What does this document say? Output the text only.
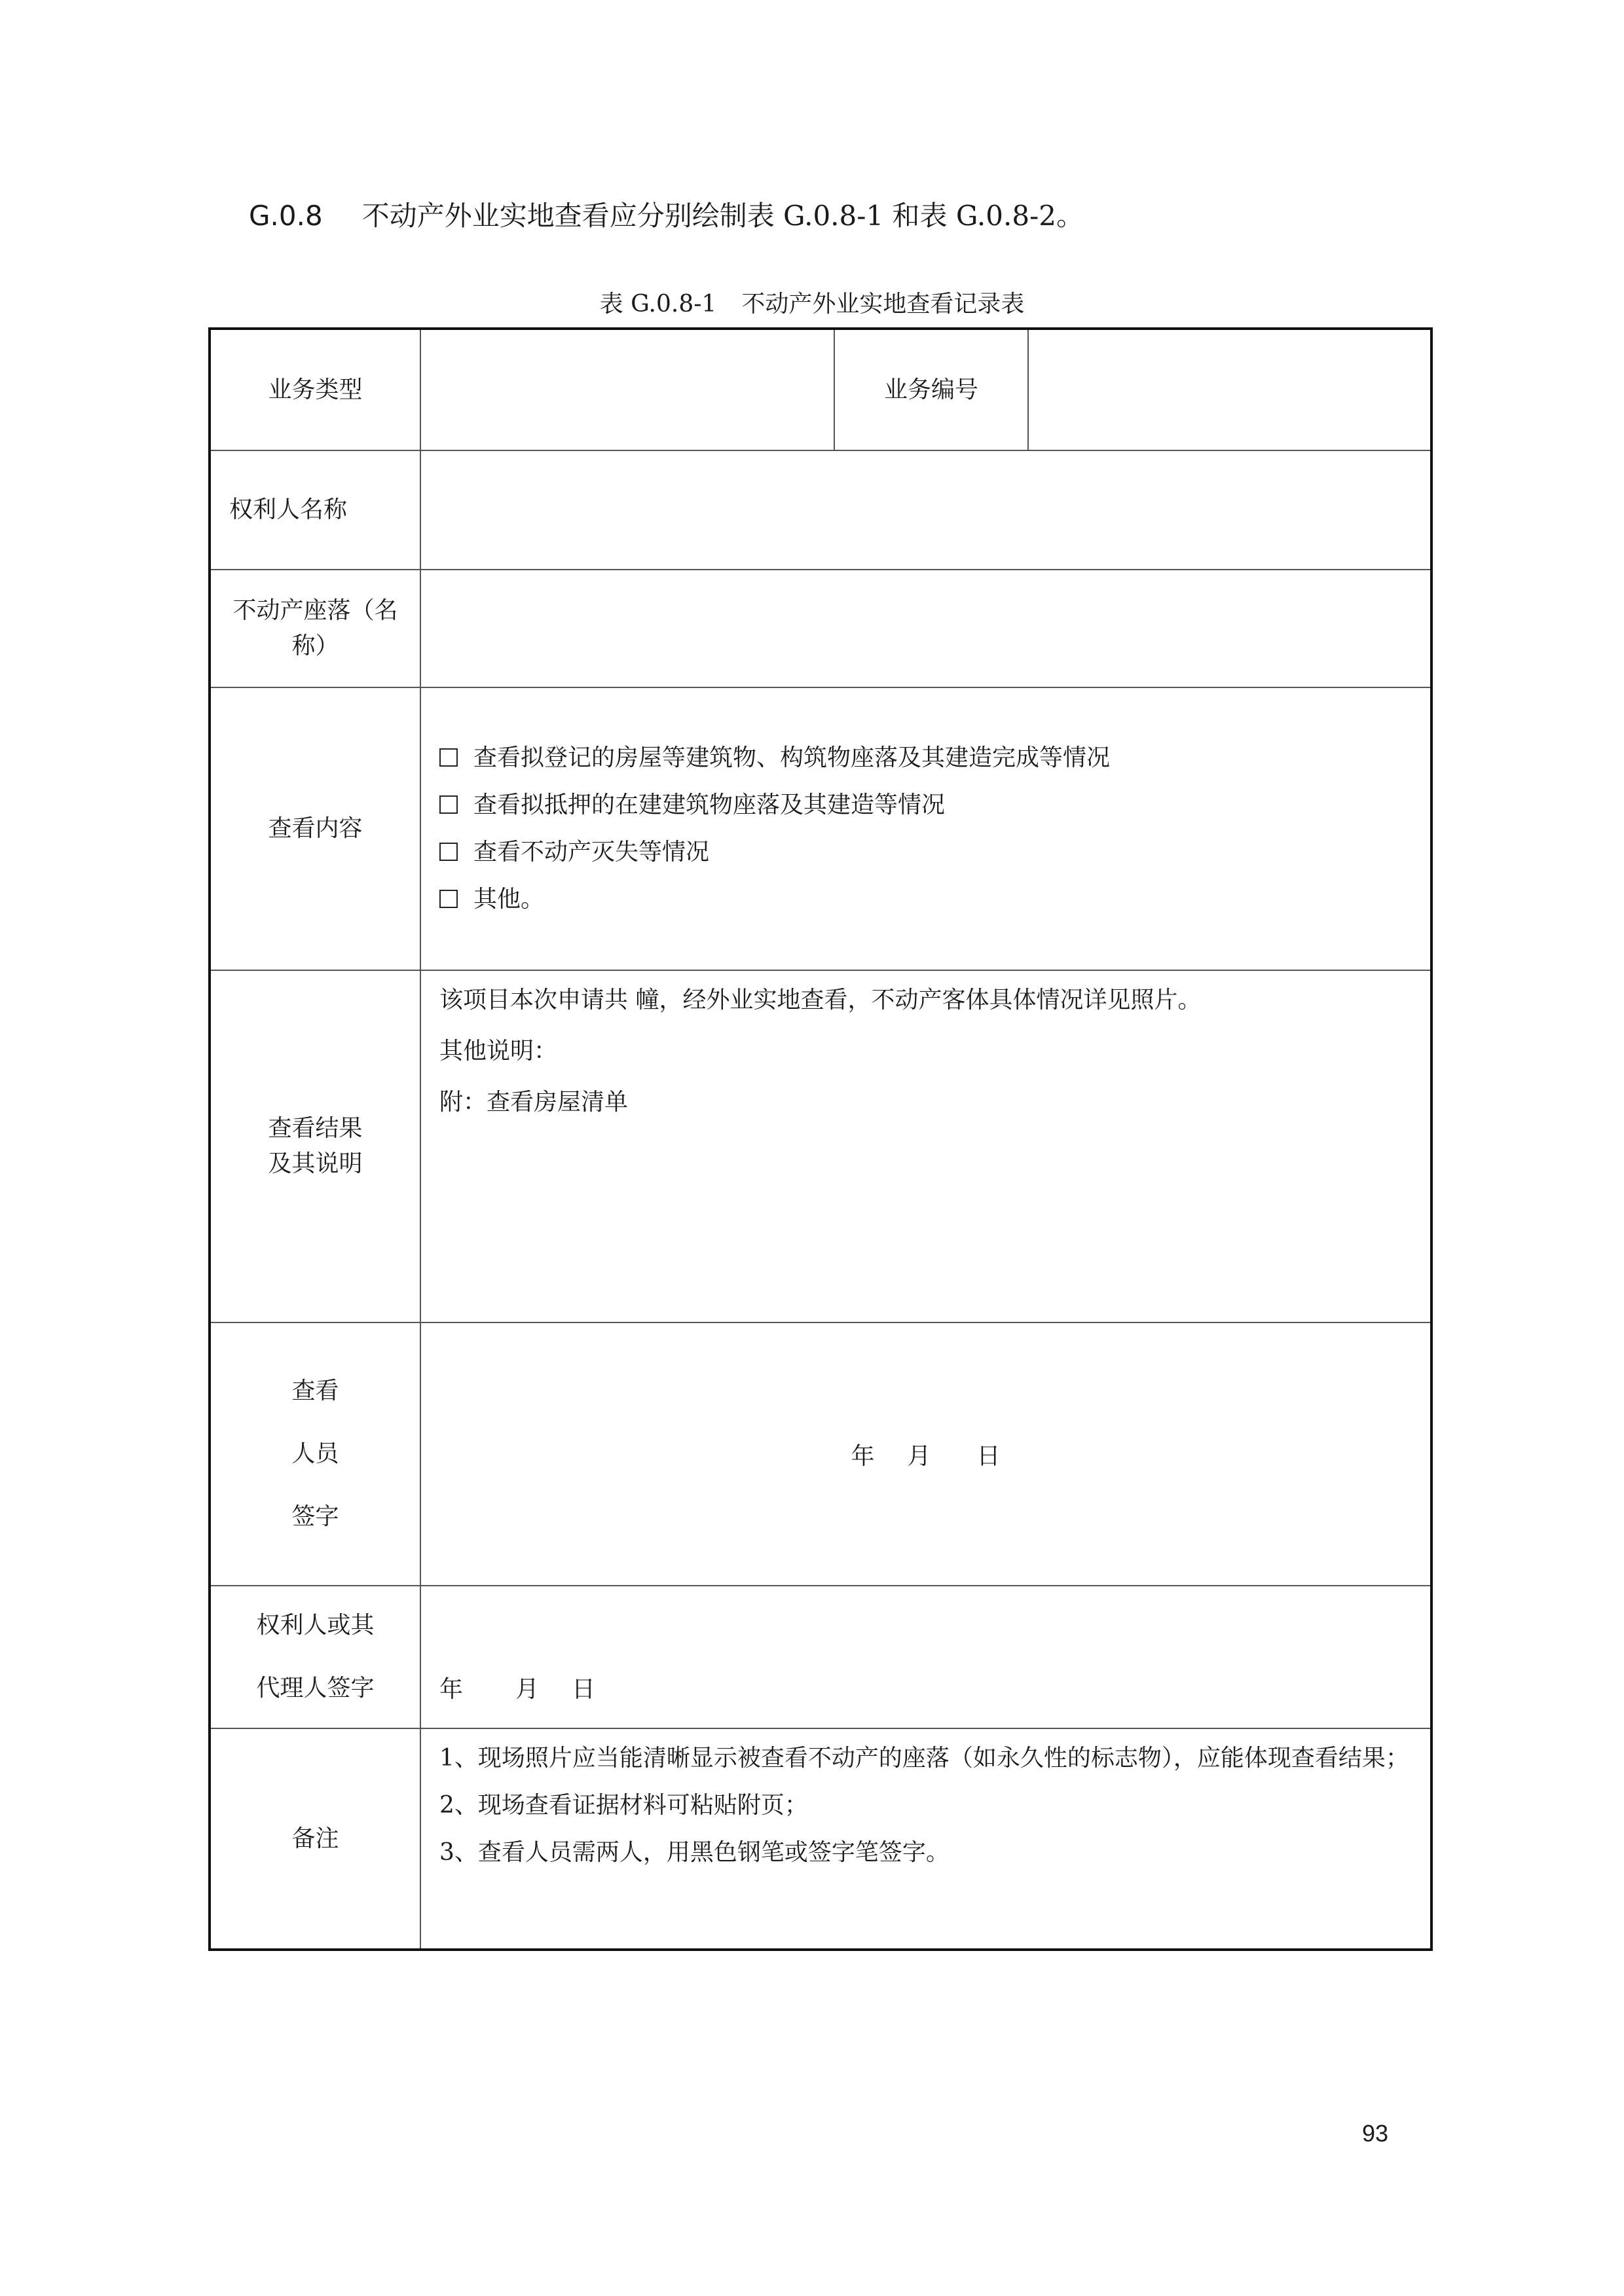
G.0.8 不动产外业实地查看应分别绘制表 G.0.8-1 和表 G.0.8-2。
表 G.0.8-1 不动产外业实地查看记录表
业务类型		业务编号	
权利人名称			
不动产座落（名称）			
查看内容	查看拟登记的房屋等建筑物、构筑物座落及其建造完成等情况
查看拟抵押的在建建筑物座落及其建造等情况
查看不动产灭失等情况
其他。		

查看结果及其说明	该项目本次申请共 幢，经外业实地查看，不动产客体具体情况详见照片。
其他说明：
附：查看房屋清单		

查看
人员
签字	年 月 日		

权利人或其
代理人签字	年 月 日		
备注	1、现场照片应当能清晰显示被查看不动产的座落（如永久性的标志物），应能体现查看结果；
2、现场查看证据材料可粘贴附页；
3、查看人员需两人，用黑色钢笔或签字笔签字。		
93
